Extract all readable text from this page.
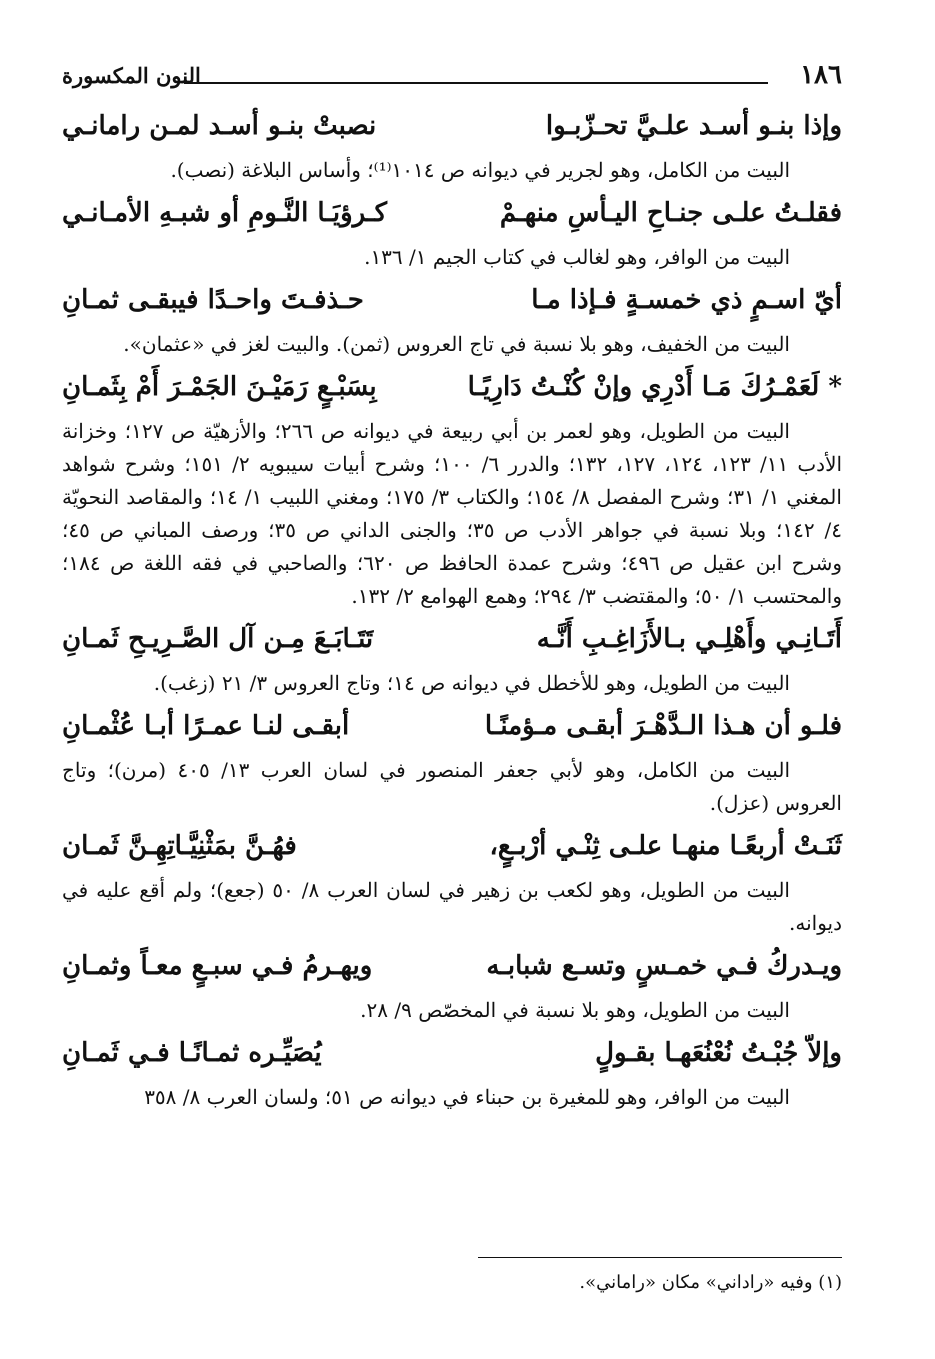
١٨٦
النون المكسورة
وإذا بنـو أسـد علـيَّ تحـزّبـوا
نصبتْ بنـو أسـد لمـن رامانـي
البيت من الكامل، وهو لجرير في ديوانه ص ١٠١٤⁽¹⁾؛ وأساس البلاغة (نصب).
فقلـتُ علـى جنـاحِ اليـأسِ منهـمْ
كـرؤيَـا النَّـومِ أو شبـهِ الأمـانـي
البيت من الوافر، وهو لغالب في كتاب الجيم ١/ ١٣٦.
أيّ اسـمٍ ذي خمسـةٍ فـإذا مـا
حـذفـتَ واحـدًا فيبقـى ثمـانِ
البيت من الخفيف، وهو بلا نسبة في تاج العروس (ثمن). والبيت لغز في «عثمان».
* لَعَمْـرُكَ مَـا أَدْرِي وإنْ كُنْـتُ دَارِيًـا
بِسَبْـعٍ رَمَيْـنَ الجَمْـرَ أَمْ بِثَمـانِ
البيت من الطويل، وهو لعمر بن أبي ربيعة في ديوانه ص ٢٦٦؛ والأزهيّة ص ١٢٧؛ وخزانة الأدب ١١/ ١٢٣، ١٢٤، ١٢٧، ١٣٢؛ والدرر ٦/ ١٠٠؛ وشرح أبيات سيبويه ٢/ ١٥١؛ وشرح شواهد المغني ١/ ٣١؛ وشرح المفصل ٨/ ١٥٤؛ والكتاب ٣/ ١٧٥؛ ومغني اللبيب ١/ ١٤؛ والمقاصد النحويّة ٤/ ١٤٢؛ وبلا نسبة في جواهر الأدب ص ٣٥؛ والجنى الداني ص ٣٥؛ ورصف المباني ص ٤٥؛ وشرح ابن عقيل ص ٤٩٦؛ وشرح عمدة الحافظ ص ٦٢٠؛ والصاحبي في فقه اللغة ص ١٨٤؛ والمحتسب ١/ ٥٠؛ والمقتضب ٣/ ٢٩٤؛ وهمع الهوامع ٢/ ١٣٢.
أَتَـانِـي وأَهْلِـي بـالأَزَاغِـبِ أَنَّـه
تَتَـابَـعَ مِـن آل الصَّـرِيـحِ ثَمـانِ
البيت من الطويل، وهو للأخطل في ديوانه ص ١٤؛ وتاج العروس ٣/ ٢١ (زغب).
فلـو أن هـذا الـدَّهْـرَ أبقـى مـؤمنًـا
أبقـى لنـا عمـرًا أبـا عُثْمـانِ
البيت من الكامل، وهو لأبي جعفر المنصور في لسان العرب ١٣/ ٤٠٥ (مرن)؛ وتاج العروس (عزل).
ثَنَـتْ أربعًـا منهـا علـى ثِنْـي أرْبـعٍ،
فهُـنَّ بمَثْنِيَّـاتِهِـنَّ ثَمـان
البيت من الطويل، وهو لكعب بن زهير في لسان العرب ٨/ ٥٠ (جعع)؛ ولم أقع عليه في ديوانه.
ويـدركُ فـي خمـسٍ وتسـع شبابـه
ويهـرمُ فـي سبـعٍ معـاً وثمـانِ
البيت من الطويل، وهو بلا نسبة في المخصّص ٩/ ٢٨.
وإلاّ جُبْـتُ نُعْنُعَهـا بقـولٍ
يُصَيِّـره ثمـانًـا فـي ثَمـانِ
البيت من الوافر، وهو للمغيرة بن حبناء في ديوانه ص ٥١؛ ولسان العرب ٨/ ٣٥٨
(١) وفيه «راداني» مكان «راماني».
